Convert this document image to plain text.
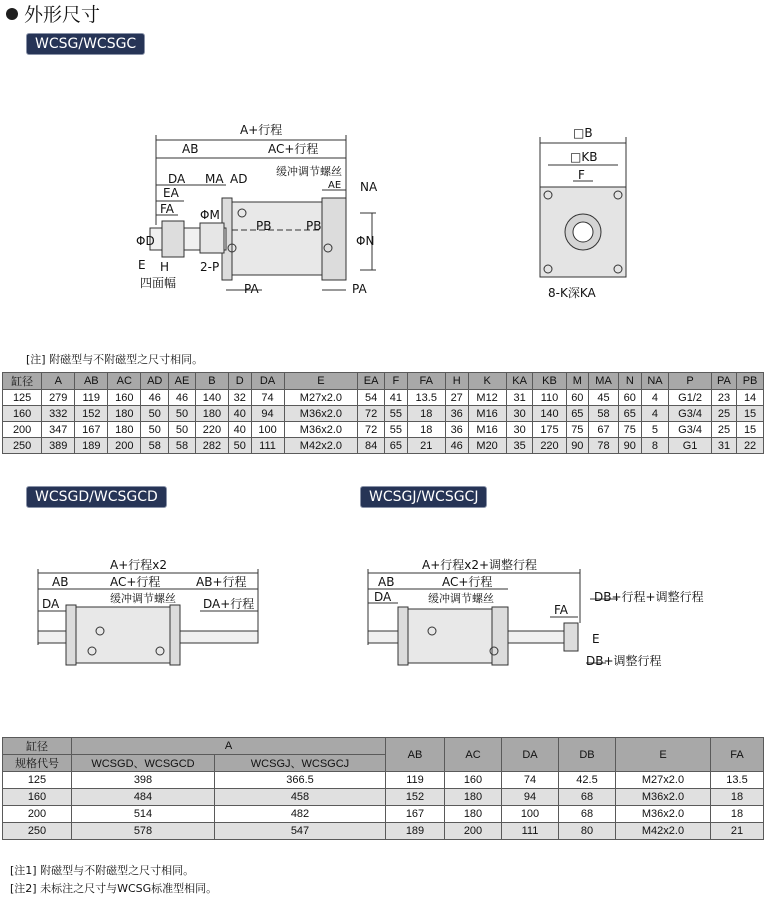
外形尺寸
WCSG/WCSGC
A+行程
AB	AC+行程
DA MA AD
缓冲调节螺丝
AE NA
EA
FA ΦM
PB	PB
ΦN
ΦD
E H	2-P
四面幅	PA	PA
□B
□KB
F
8-K深KA
[注] 附磁型与不附磁型之尺寸相同。
缸径	A	AB	AC	AD	AE	B	D	DA	E	EA	F	FA	H	K	KA	KB	M	MA	N	NA	P	PA	PB
125	279	119	160	46	46	140	32	74	M27x2.0	54	41	13.5	27	M12	31	110	60	45	60	4	G1/2	23	14
160	332	152	180	50	50	180	40	94	M36x2.0	72	55	18	36	M16	30	140	65	58	65	4	G3/4	25	15
200	347	167	180	50	50	220	40	100	M36x2.0	72	55	18	36	M16	30	175	75	67	75	5	G3/4	25	15
250	389	189	200	58	58	282	50	111	M42x2.0	84	65	21	46	M20	35	220	90	78	90	8	G1	31	22
WCSGD/WCSGCD	WCSGJ/WCSGCJ
A+行程x2
AB	AC+行程	AB+行程
DA	缓冲调节螺丝 DA+行程
A+行程x2+调整行程
AB	AC+行程
DA	缓冲调节螺丝
FA
DB+行程+调整行程
E
DB+调整行程
缸径	A		AB	AC	DA	DB	E	FA
规格代号	WCSGD、WCSGCD	WCSGJ、WCSGCJ						
125	398	366.5	119	160	74	42.5	M27x2.0	13.5
160	484	458	152	180	94	68	M36x2.0	18
200	514	482	167	180	100	68	M36x2.0	18
250	578	547	189	200	111	80	M42x2.0	21
[注1] 附磁型与不附磁型之尺寸相同。
[注2] 未标注之尺寸与WCSG标准型相同。
